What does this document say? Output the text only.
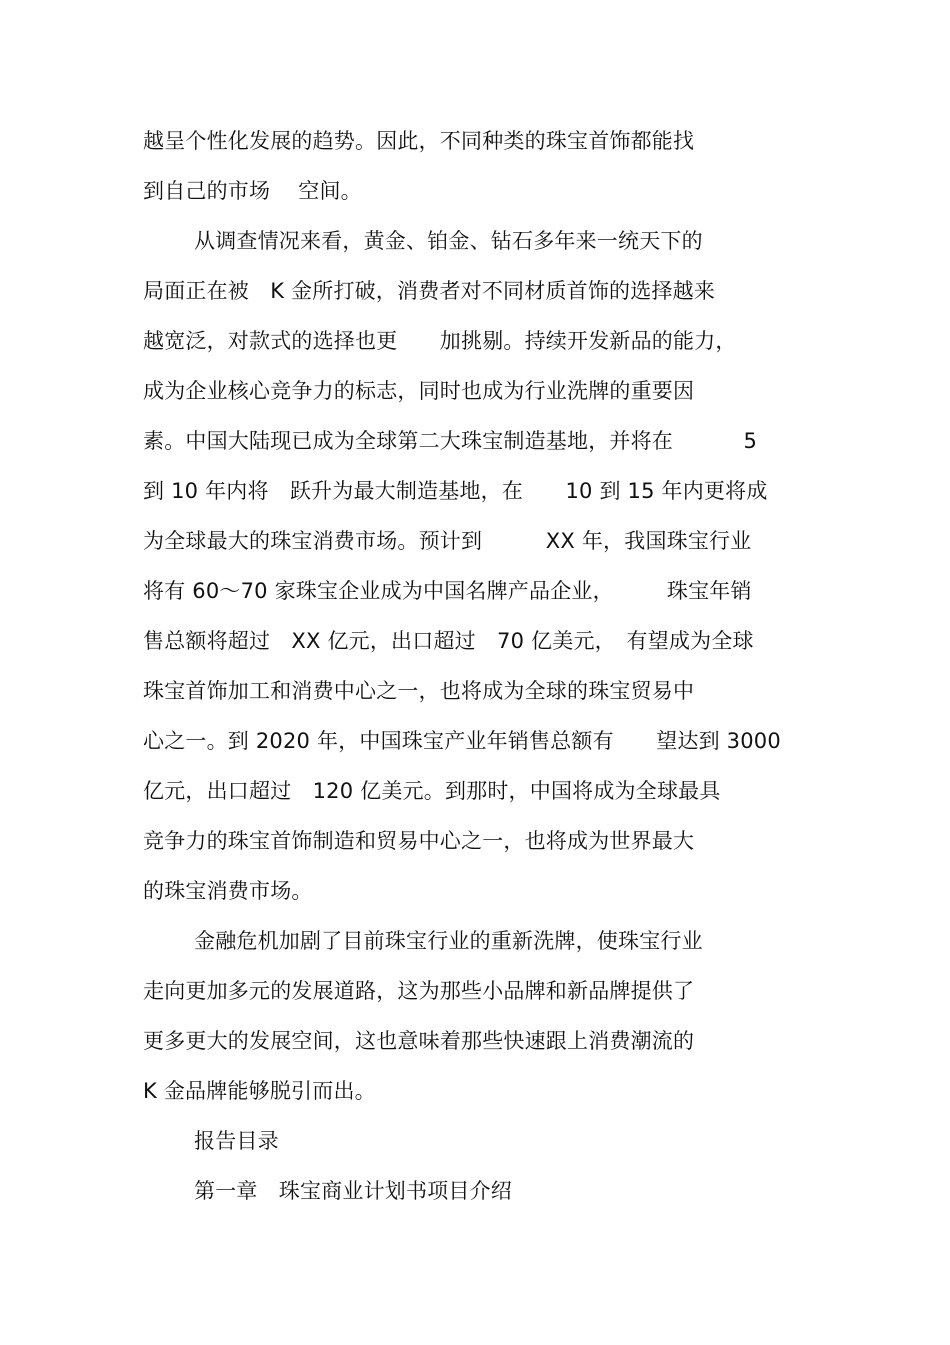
越呈个性化发展的趋势。因此，不同种类的珠宝首饰都能找
到自己的市场　 空间。
从调查情况来看，黄金、铂金、钻石多年来一统天下的
局面正在被　K 金所打破，消费者对不同材质首饰的选择越来
越宽泛，对款式的选择也更　　加挑剔。持续开发新品的能力，
成为企业核心竞争力的标志，同时也成为行业洗牌的重要因
素。中国大陆现已成为全球第二大珠宝制造基地，并将在　　　 5
到 10 年内将　跃升为最大制造基地，在　　10 到 15 年内更将成
为全球最大的珠宝消费市场。预计到　　　XX 年，我国珠宝行业
将有 60～70 家珠宝企业成为中国名牌产品企业，　　　珠宝年销
售总额将超过　XX 亿元，出口超过　70 亿美元，　有望成为全球
珠宝首饰加工和消费中心之一，也将成为全球的珠宝贸易中
心之一。到 2020 年，中国珠宝产业年销售总额有　　望达到 3000
亿元，出口超过　120 亿美元。到那时，中国将成为全球最具
竞争力的珠宝首饰制造和贸易中心之一，也将成为世界最大
的珠宝消费市场。
金融危机加剧了目前珠宝行业的重新洗牌，使珠宝行业
走向更加多元的发展道路，这为那些小品牌和新品牌提供了
更多更大的发展空间，这也意味着那些快速跟上消费潮流的
K 金品牌能够脱引而出。
报告目录
第一章　珠宝商业计划书项目介绍
